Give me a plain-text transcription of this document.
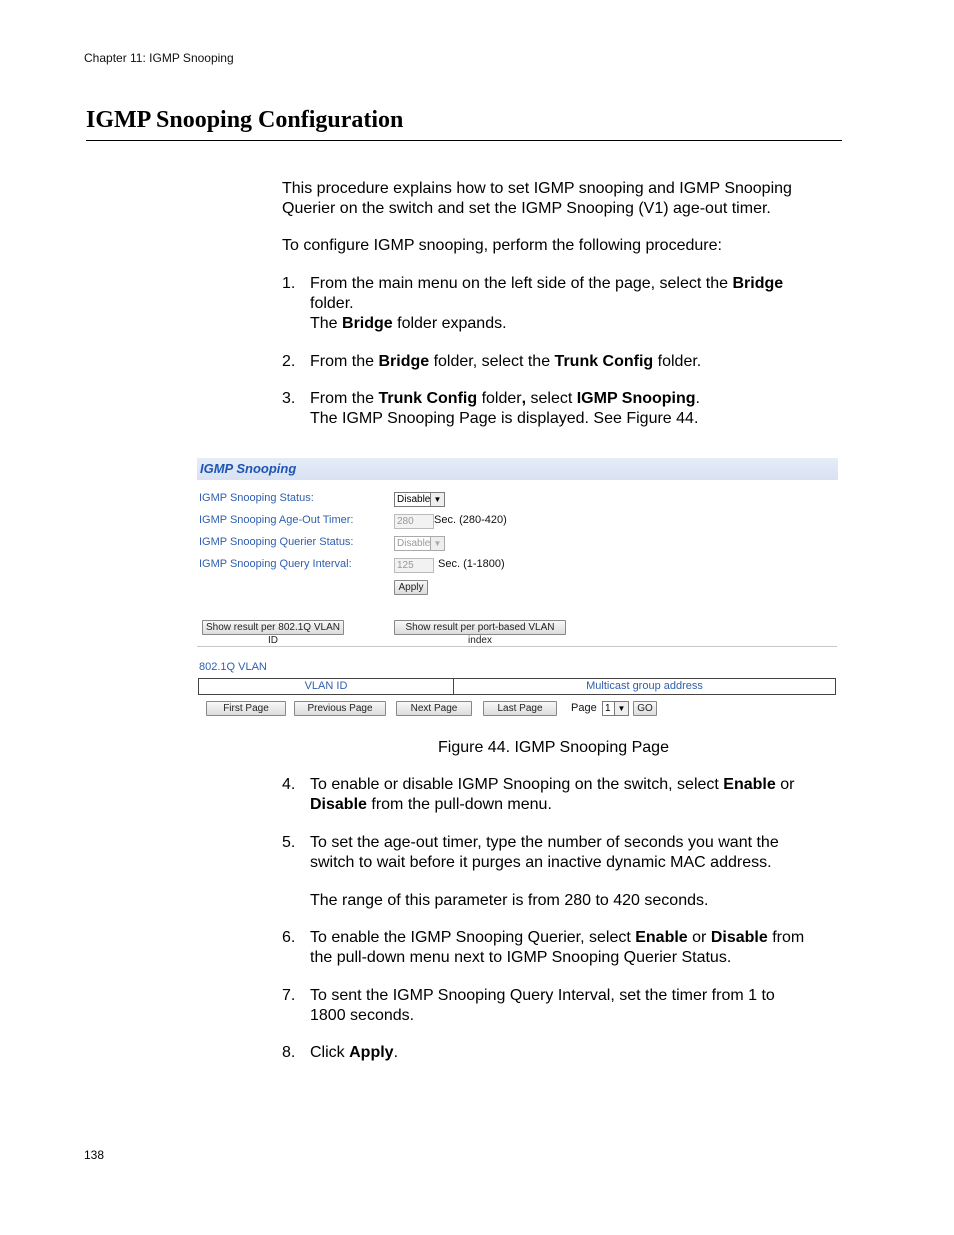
Chapter 11: IGMP Snooping
IGMP Snooping Configuration

This procedure explains how to set IGMP snooping and IGMP Snooping
Querier on the switch and set the IGMP Snooping (V1) age-out timer.

To configure IGMP snooping, perform the following procedure:

1. From the main menu on the left side of the page, select the Bridge
folder.
The Bridge folder expands.
2. From the Bridge folder, select the Trunk Config folder.
3. From the Trunk Config folder, select IGMP Snooping.
The IGMP Snooping Page is displayed. See Figure 44.
IGMP Snooping
IGMP Snooping Status:	Disable ▼
IGMP Snooping Age-Out Timer:	280	Sec. (280-420)
IGMP Snooping Querier Status:	Disable ▼
IGMP Snooping Query Interval:	125	Sec. (1-1800)
Apply
Show result per 802.1Q VLAN ID
Show result per port-based VLAN index
802.1Q VLAN
VLAN ID	Multicast group address
First Page	Previous Page	Next Page	Last Page	Page 1 ▼	GO
Figure 44. IGMP Snooping Page
4. To enable or disable IGMP Snooping on the switch, select Enable or
Disable from the pull-down menu.
5. To set the age-out timer, type the number of seconds you want the
switch to wait before it purges an inactive dynamic MAC address.
The range of this parameter is from 280 to 420 seconds.
6. To enable the IGMP Snooping Querier, select Enable or Disable from
the pull-down menu next to IGMP Snooping Querier Status.
7. To sent the IGMP Snooping Query Interval, set the timer from 1 to
1800 seconds.
8. Click Apply.
138
